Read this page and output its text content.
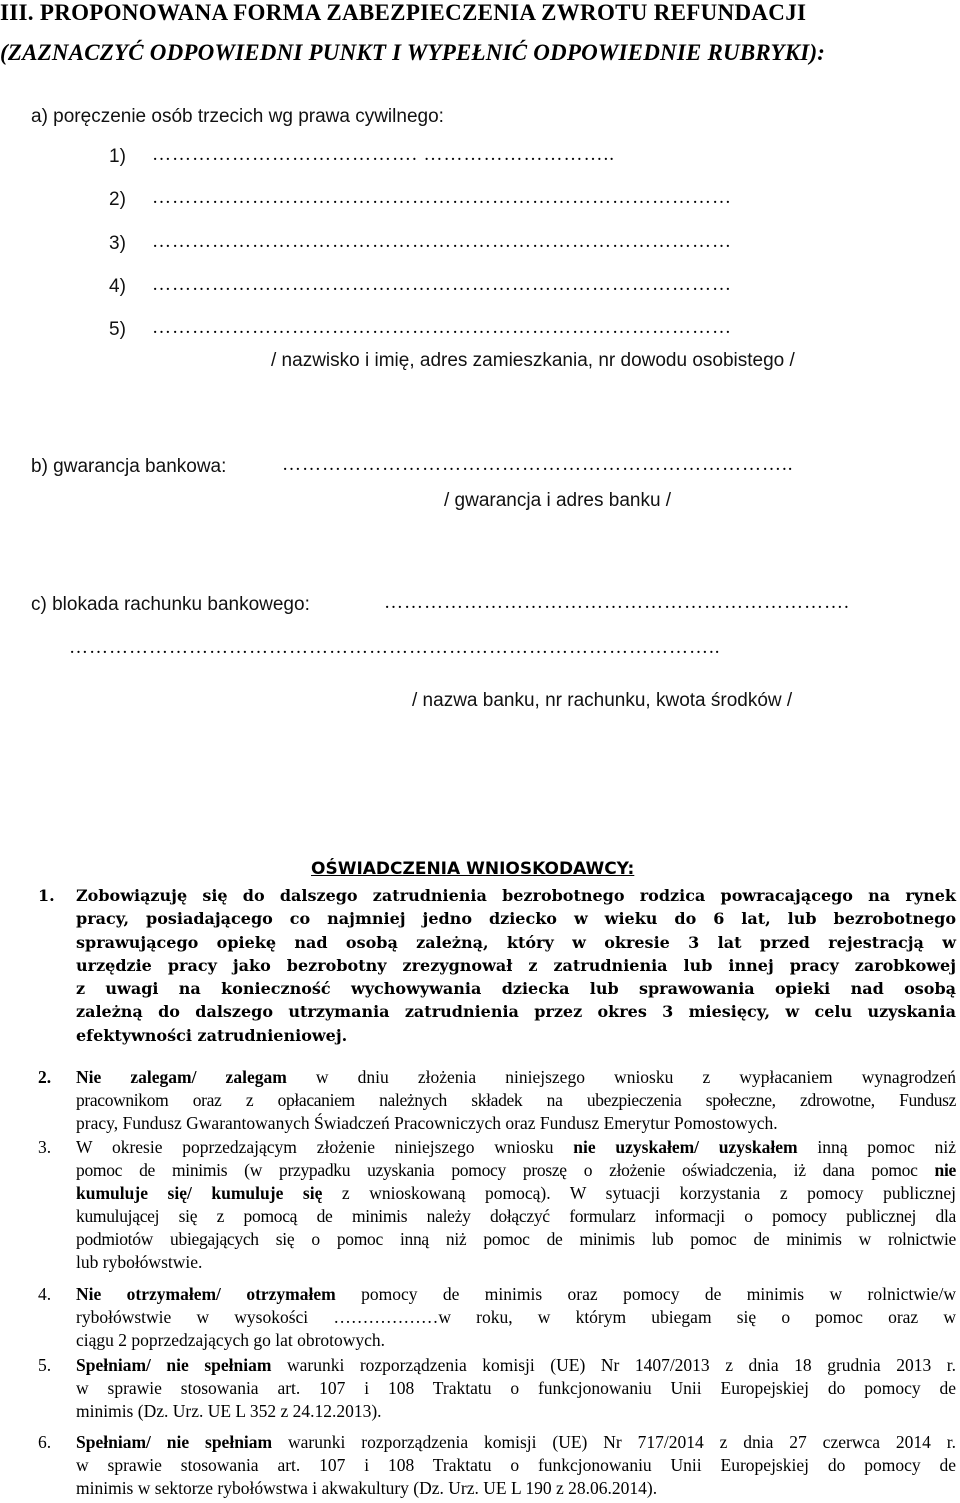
III. PROPONOWANA FORMA ZABEZPIECZENIA ZWROTU REFUNDACJI
(ZAZNACZYĆ ODPOWIEDNI PUNKT I WYPEŁNIĆ ODPOWIEDNIE RUBRYKI):
a) poręczenie osób trzecich wg prawa cywilnego:
1) …………………………………. ………………………..
2) ……………………………………………………………………………
3) ……………………………………………………………………………
4) ……………………………………………………………………………
5) ……………………………………………………………………………
/ nazwisko i imię, adres zamieszkania, nr dowodu osobistego /
b) gwarancja bankowa:	…………………………………………………………………..
/ gwarancja i adres banku /
c) blokada rachunku bankowego:	…………………………………………………………….
……………………………………………………………………………………..
/ nazwa banku, nr rachunku, kwota środków /
OŚWIADCZENIA WNIOSKODAWCY:
1. Zobowiązuję się do dalszego zatrudnienia bezrobotnego rodzica powracającego na rynek
pracy, posiadającego co najmniej jedno dziecko w wieku do 6 lat, lub bezrobotnego
sprawującego opiekę nad osobą zależną, który w okresie 3 lat przed rejestracją w
urzędzie pracy jako bezrobotny zrezygnował z zatrudnienia lub innej pracy zarobkowej
z uwagi na konieczność wychowywania dziecka lub sprawowania opieki nad osobą
zależną do dalszego utrzymania zatrudnienia przez okres 3 miesięcy, w celu uzyskania
efektywności zatrudnieniowej.
2. Nie zalegam/ zalegam w dniu złożenia niniejszego wniosku z wypłacaniem wynagrodzeń
pracownikom oraz z opłacaniem należnych składek na ubezpieczenia społeczne, zdrowotne, Fundusz
pracy, Fundusz Gwarantowanych Świadczeń Pracowniczych oraz Fundusz Emerytur Pomostowych.
3. W okresie poprzedzającym złożenie niniejszego wniosku nie uzyskałem/ uzyskałem inną pomoc niż
pomoc de minimis (w przypadku uzyskania pomocy proszę o złożenie oświadczenia, iż dana pomoc nie
kumuluje się/ kumuluje się z wnioskowaną pomocą). W sytuacji korzystania z pomocy publicznej
kumulującej się z pomocą de minimis należy dołączyć formularz informacji o pomocy publicznej dla
podmiotów ubiegających się o pomoc inną niż pomoc de minimis lub pomoc de minimis w rolnictwie
lub rybołówstwie.
4. Nie otrzymałem/ otrzymałem pomocy de minimis oraz pomocy de minimis w rolnictwie/w
rybołówstwie w wysokości ………………w roku, w którym ubiegam się o pomoc oraz w
ciągu 2 poprzedzających go lat obrotowych.
5. Spełniam/ nie spełniam warunki rozporządzenia komisji (UE) Nr 1407/2013 z dnia 18 grudnia 2013 r.
w sprawie stosowania art. 107 i 108 Traktatu o funkcjonowaniu Unii Europejskiej do pomocy de
minimis (Dz. Urz. UE L 352 z 24.12.2013).
6. Spełniam/ nie spełniam warunki rozporządzenia komisji (UE) Nr 717/2014 z dnia 27 czerwca 2014 r.
w sprawie stosowania art. 107 i 108 Traktatu o funkcjonowaniu Unii Europejskiej do pomocy de
minimis w sektorze rybołówstwa i akwakultury (Dz. Urz. UE L 190 z 28.06.2014).
